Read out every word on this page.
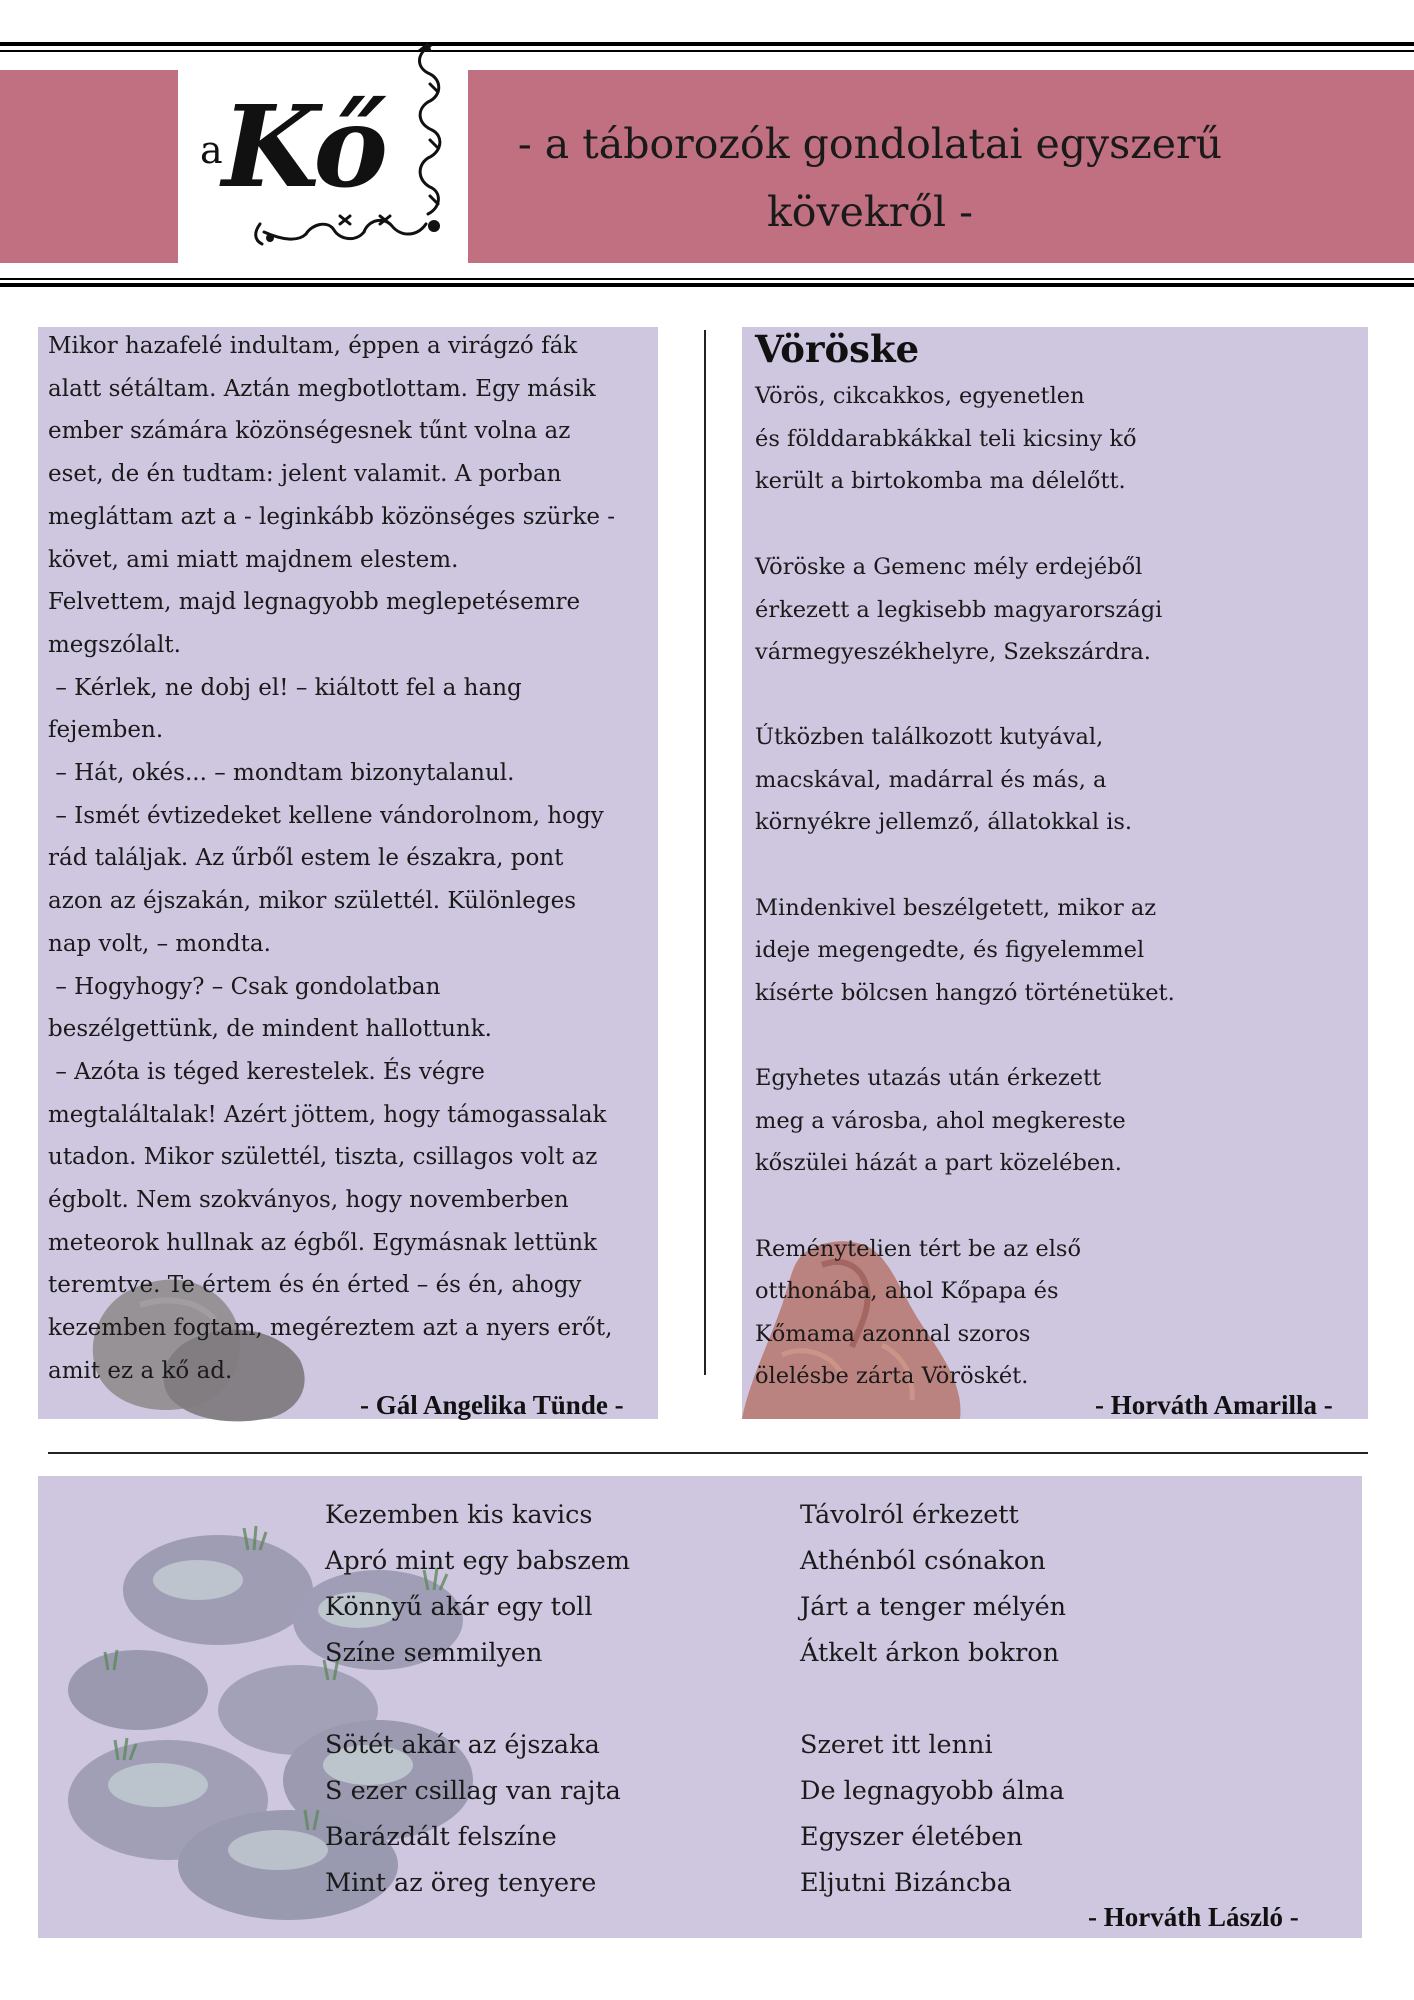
a Kő	- a táborozók gondolatai egyszerű
kövekről -

Mikor hazafelé indultam, éppen a virágzó fák

alatt sétáltam. Aztán megbotlottam. Egy másik

ember számára közönségesnek tűnt volna az

eset, de én tudtam: jelent valamit. A porban

megláttam azt a - leginkább közönséges szürke -

követ, ami miatt majdnem elestem.

Felvettem, majd legnagyobb meglepetésemre

megszólalt.

– Kérlek, ne dobj el! – kiáltott fel a hang

fejemben.

– Hát, okés... – mondtam bizonytalanul.

– Ismét évtizedeket kellene vándorolnom, hogy

rád találjak. Az űrből estem le északra, pont

azon az éjszakán, mikor születtél. Különleges

nap volt, – mondta.

– Hogyhogy? – Csak gondolatban

beszélgettünk, de mindent hallottunk.

– Azóta is téged kerestelek. És végre

megtaláltalak! Azért jöttem, hogy támogassalak

utadon. Mikor születtél, tiszta, csillagos volt az

égbolt. Nem szokványos, hogy novemberben

meteorok hullnak az égből. Egymásnak lettünk

teremtve. Te értem és én érted – és én, ahogy

kezemben fogtam, megéreztem azt a nyers erőt,

amit ez a kő ad.

- Gál Angelika Tünde -
Vöröske
Vörös, cikcakkos, egyenetlen
és földdarabkákkal teli kicsiny kő
került a birtokomba ma délelőtt.
Vöröske a Gemenc mély erdejéből
érkezett a legkisebb magyarországi
vármegyeszékhelyre, Szekszárdra.
Útközben találkozott kutyával,
macskával, madárral és más, a
környékre jellemző, állatokkal is.
Mindenkivel beszélgetett, mikor az
ideje megengedte, és figyelemmel
kísérte bölcsen hangzó történetüket.
Egyhetes utazás után érkezett
meg a városba, ahol megkereste
kőszülei házát a part közelében.
Reménytelien tért be az első
otthonába, ahol Kőpapa és
Kőmama azonnal szoros
ölelésbe zárta Vöröskét.
- Horváth Amarilla -
Kezemben kis kavics
Apró mint egy babszem
Könnyű akár egy toll
Színe semmilyen
Sötét akár az éjszaka
S ezer csillag van rajta
Barázdált felszíne
Mint az öreg tenyere
Távolról érkezett
Athénból csónakon
Járt a tenger mélyén
Átkelt árkon bokron
Szeret itt lenni
De legnagyobb álma
Egyszer életében
Eljutni Bizáncba
- Horváth László -
